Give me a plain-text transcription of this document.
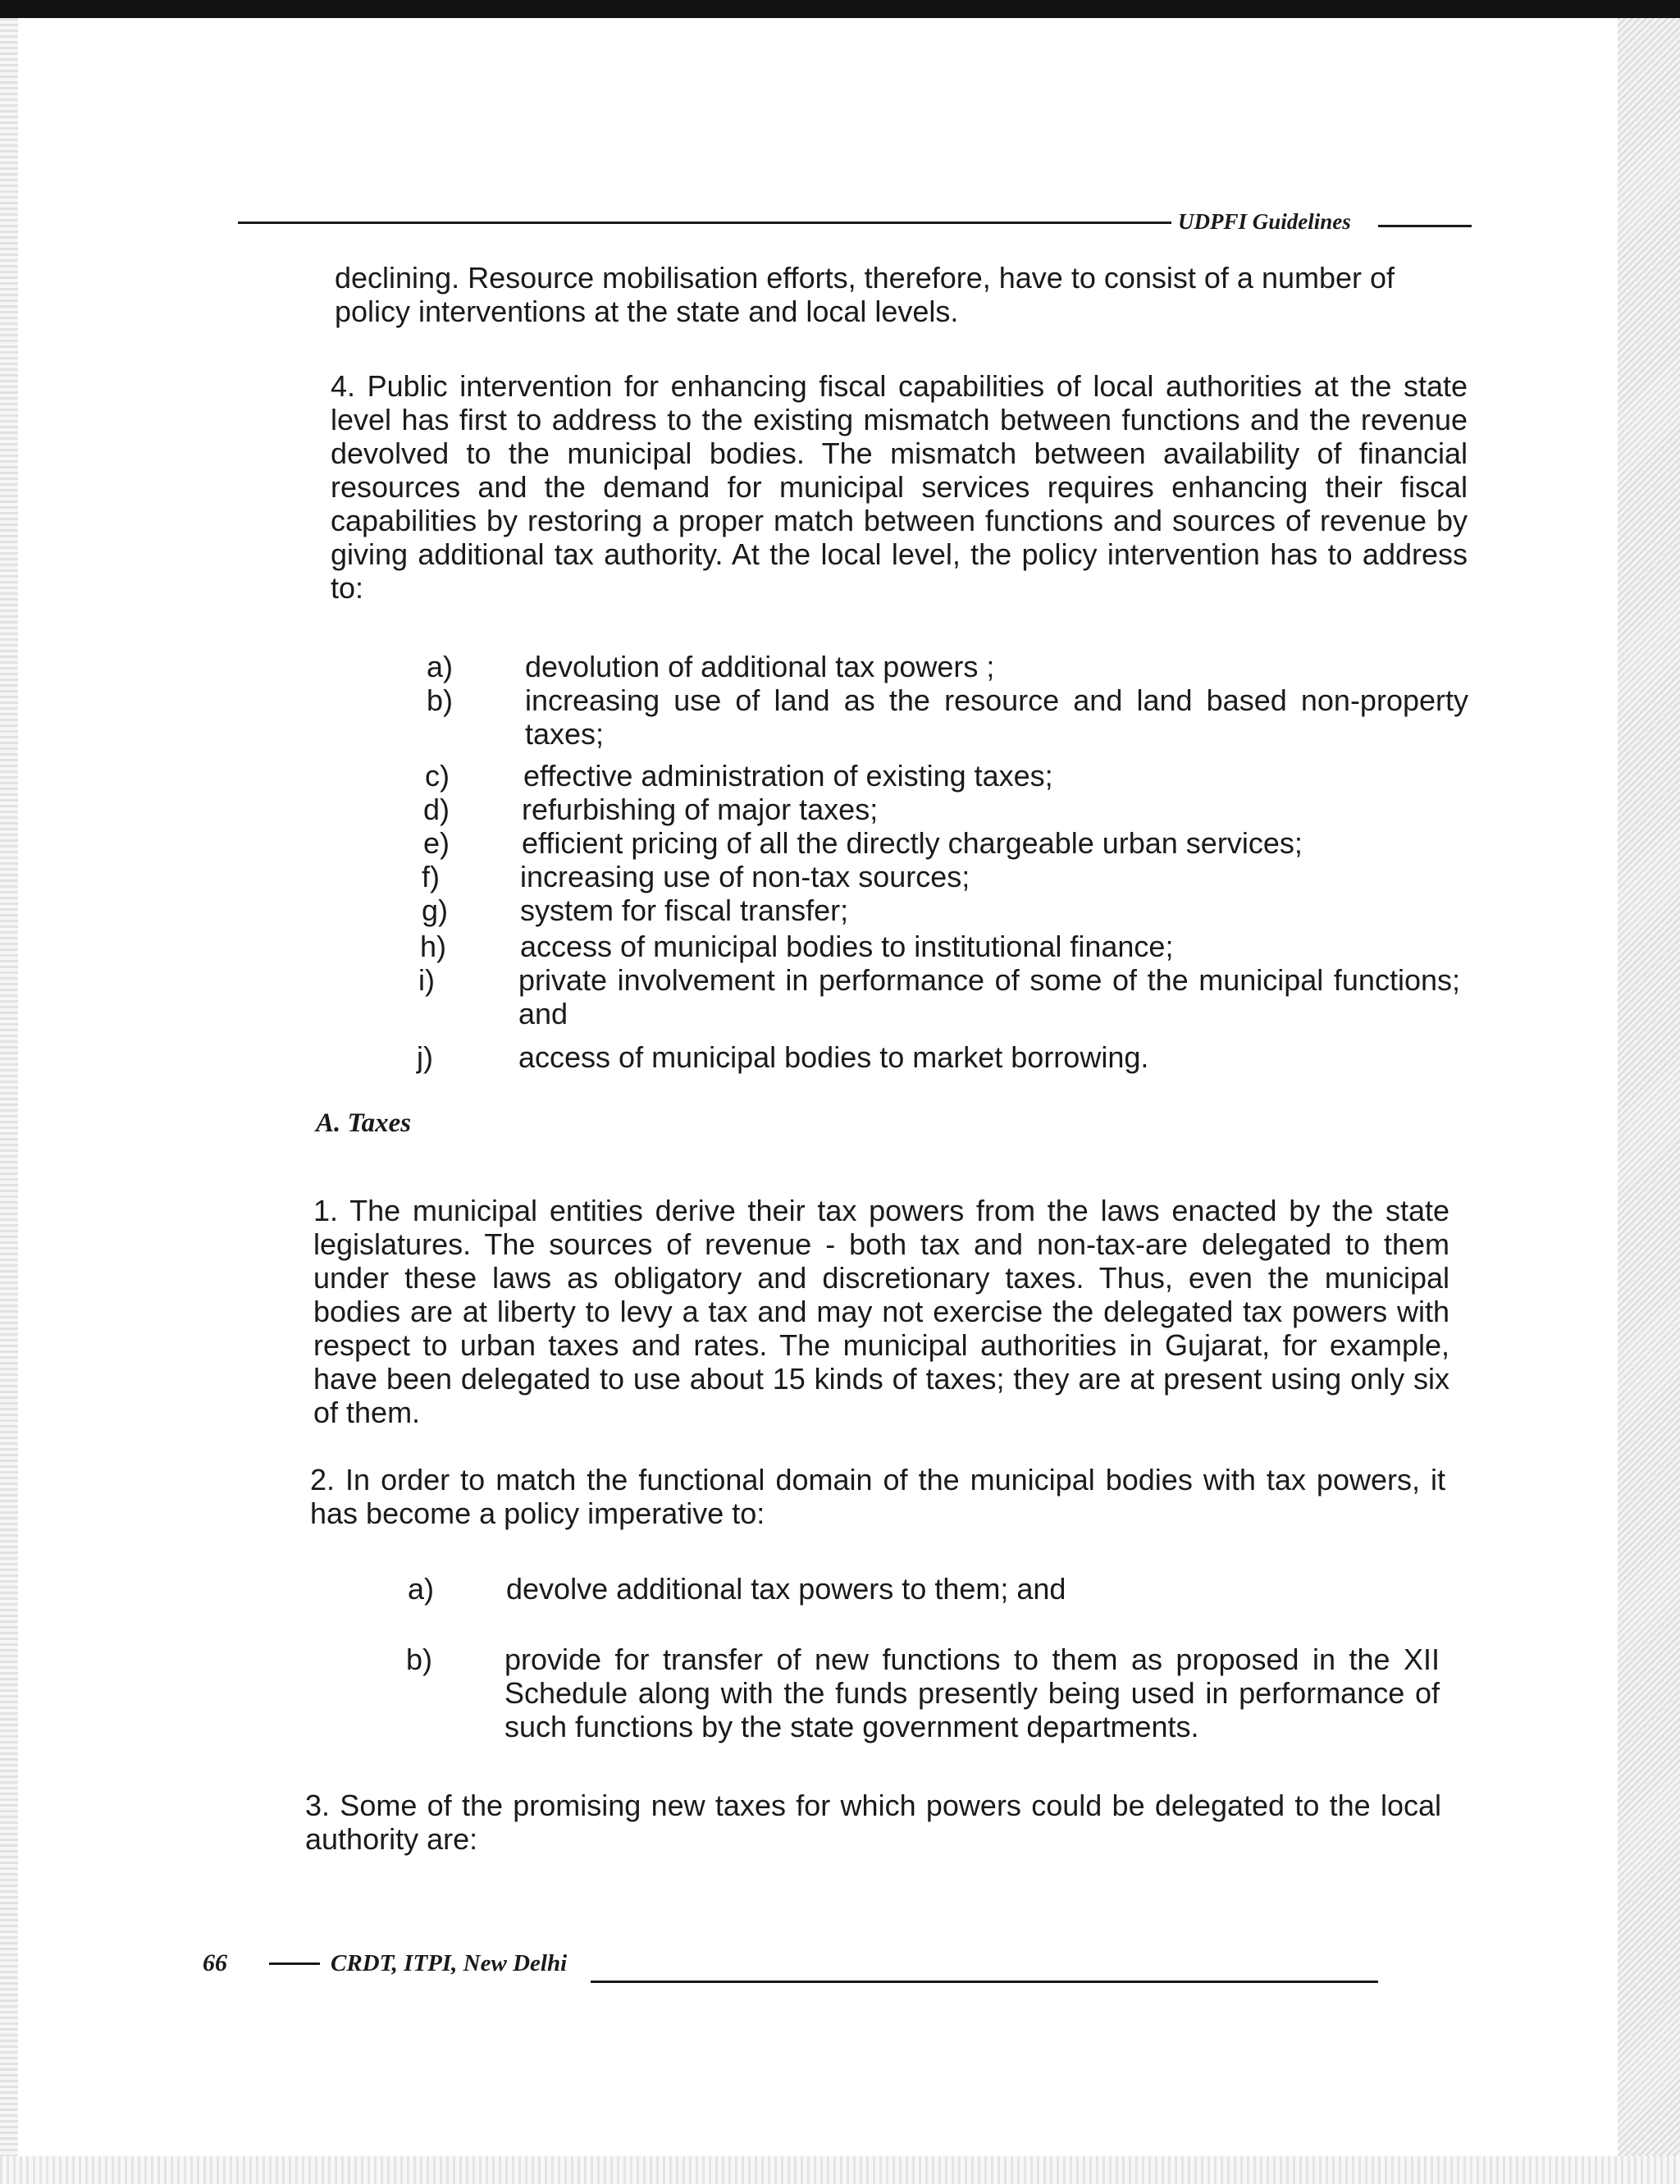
UDPFI Guidelines
declining. Resource mobilisation efforts, therefore, have to consist of a number of
policy interventions at the state and local levels.

4. Public intervention for enhancing fiscal capabilities of local authorities at the state level has first to address to the existing mismatch between functions and the revenue devolved to the municipal bodies. The mismatch between availability of financial resources and the demand for municipal services requires enhancing their fiscal capabilities by restoring a proper match between functions and sources of revenue by giving additional tax authority. At the local level, the policy intervention has to address to:

a) devolution of additional tax powers ;
b) increasing use of land as the resource and land based non-property taxes;
c)	effective administration of existing taxes;
d) refurbishing of major taxes;
e) efficient pricing of all the directly chargeable urban services;
f)	increasing use of non-tax sources;
g) system for fiscal transfer;
h) access of municipal bodies to institutional finance;
i)	private involvement in performance of some of the municipal functions; and
j)	access of municipal bodies to market borrowing.
A. Taxes

1. The municipal entities derive their tax powers from the laws enacted by the state legislatures. The sources of revenue - both tax and non-tax-are delegated to them under these laws as obligatory and discretionary taxes. Thus, even the municipal bodies are at liberty to levy a tax and may not exercise the delegated tax powers with respect to urban taxes and rates. The municipal authorities in Gujarat, for example, have been delegated to use about 15 kinds of taxes; they are at present using only six of them.

2. In order to match the functional domain of the municipal bodies with tax powers, it has become a policy imperative to:

a) devolve additional tax powers to them; and
b) provide for transfer of new functions to them as proposed in the XII Schedule along with the funds presently being used in performance of such functions by the state government departments.

3. Some of the promising new taxes for which powers could be delegated to the local authority are:

66	CRDT, ITPI, New Delhi
